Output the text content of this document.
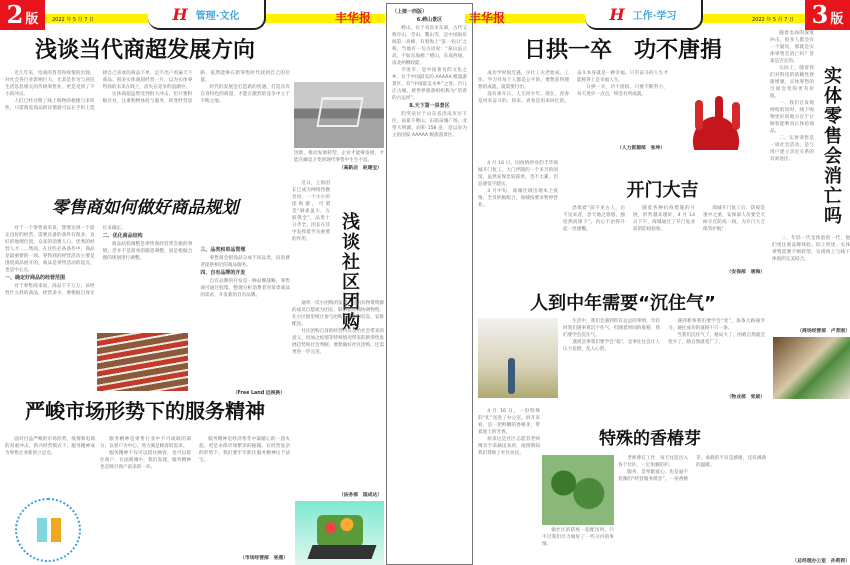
2 版	2022 年 5 月 7 日	H 管理·文化	丰华报	丰华报	H 工作·学习	2022 年 5 月 7 日 3 版
浅谈当代商超发展方向

近几年来，电商的普及和疫情的出现，对社会各行业影响巨大，尤其是作为与居民生活息息相关的传统零售业，更是受到了不小的冲击。

人们已经习惯了线上购物的便捷与多样性，只需阅览商品的详情就可以在手机上选择自己喜欢的商品下单，足不出户看遍天下商品。很多实体商超经营一片，以为实体零售商的未来在线上，消失在竞争的浪潮中。

实体商超虽然受到很大冲击，但只要积极应对，注重购物体验与服务，转变经营思路，依然能够在新零售时代找到自己的位置。

时代的发展会打造新的机遇，打造具有自身特色的商超，才能在激烈的竞争中立于不败之地。

创新，推动发展转型，企业才能够发展，才能在瞬息万变的现代零售中生生不息。
（高新店　赵建宝）
零售商如何做好商品规划

对于一个零售商来说，想要达到一个稳定良好的经营，需要具备的条件有很多，良好的地理位置、众多的消费人口、优秀的经营人才……然而，在这些必备条件中，商品是最重要的一项。零售商的经营活动主要是围绕商品展开的，商品是零售活动的起点，也是中心点。

一、确定好商品的经营范围

对于零售商来说，商品千千万万，该经营什么样的商品，经营多少，要根据自身定位来确定。

二、优化商品结构

商品结构调整是零售商经营常会做的事情，但并不是简单的随意调整，而是根据合理的规划进行调整。

三、品类和单品管理

零售商会把商品分成不同品类，向消费者提供相近的商品服务。

四、自有品牌的开发

自有品牌的开发是一种品牌战略，零售商可通过收集、整理分析消费者对某类商品的需求，开发新的自有品牌。

（Free Land 远视换）

近日，上海团长已成为网络热搜名词，一个小小的团购群，可谓是“麻雀虽小，五脏俱全”，品类十分齐全。团长在其中发挥着至关重要的作用。	浅谈社区团购

通常一次小团购的发起，是由有物资资源的成员自愿或为团长，联系供应商协调物资，在小区群里统计参与团购的人数和信息，安排配送。

社区团购自身的经营特点及给社会带来的意义，再加之疫情等特殊情况带来的新零售发展趋势和社会判断，要想做好社区团购，还需更进一步完善。

（法务部　国成达）
严峻市场形势下的服务精神

面对目益严峻的市场形势，疫情和电商的双重冲击，新兴经营模式下，服务精神成为零售企业新的立足点。

服务精神是零售行业中不可或缺的部分，以客户为中心，努力满足顾客的需求。

服务精神不仅可以留住顾客，也可以留住商户，在固商城中，我们发现，服务精神也是吸引商户前来的一环。

服务精神是经济寒冬中最暖心的一团火焰，更是永保市场繁荣的秘籍。在经营复杂的形势下，我们要牢牢抓住服务精神这个法宝。

（市场经营部　张燕）
（上接一西版）
6.崂山景区

崂山，位于青岛市东部，古代又称牢山、劳山、鳌山等，是中国海岸线第一高峰，有着海上“第一名山”之称。当地有一句古语说：“泰山虽云高，不如东海崂。”崂山，东高西缓，南北两侧较陡。

平度市，是中国著名的文化之乡。位于中国最美的 AAAAA 级旅游景区，有“中国最美水乡”之誉。台儿庄古城，被世界旅游组织称为“活着的古运河”。

8.天下第一泉景区

趵突泉位于山东省济南市历下区，南靠千佛山，东临泉城广场，北望大明湖，面积 158 亩，是以泉为主的国家 AAAAA 级旅游景区。

日拱一卒　功不唐捐

成功学时间光遇，少壮工夫老始成。工作、学习对每个人都是公平的，要想获得理想的成就，就需要付出。

没有索开日，人无再少年。现在，青春是用来奋斗的；将来，青春是用来回忆的。奋斗本身就是一种幸福。只有奋斗的人生才能称得上是幸福人生。

日拱一卒，功不唐捐。只要不断努力，每天进步一点点，终会有所成就。

（人力资源部　张坤）

随着电商的深度冲击，很多人都会有一个疑问，那就是实体零售会消亡吗？答案是否定的。

实际上，随着我们对科技的依赖性逐渐增强，实体零售的空间会变得更有价值。

一、我们在发现网购的同时，线下购物更好的地方在于让顾客能够真正体验商品。

二、实体零售是一项社会活动，是与用户建立亲近关系的有效途径。	实体零售会消亡吗

三、年轻一代是体验的一代，他们更注重品牌体验。综上所述，实体零售需要不断转型，实现线上与线下体验的完美结合。

（商场经营部　卢育刚）

4 月 16 日，因疫情停业的丰华商城开门复工。大门伴随的一个多月的闭馆，虽然安保比较孤单，也不太累，但总感觉不踏实。

3 月中旬，商城区域出现本土疫情，全员积极配合，商城按要求暂停营业。

开门大吉

恐惧着“前不见古人，后不见来者，念天地之悠悠，独怆然而涕下”。内心不由得升起一丝感慨。

随着各种抗疫措施的开展，形势越来越好，4 月 14 日下午，商城通过了开门复业前的防疫验收。

商城开门复工后，防疫是重中之重，安保部人员要全天候守在防疫一线，为开门大吉保驾护航！

（安保部　唐海）
人到中年需要“沉住气”

生活中，我们会遇到所有总总的事情，年轻时我们遇事难沉不住气，但随着时间的推移，我们要学会沉住气。

遇到急事我们要学会“稳”，急事往往会让人压力倍增，乱人心智。

遇到难事我们要学会“变”，条条大路通罗马，通往成功的道路不只一条。

当我们沉住气了，格局大了，困难自然就会变少了，路自然就宽广了。

（物业部　张斌）
特殊的香椿芽

4 月 16 日，一份特殊的“礼”送进了办公室。拆开来看，是一把鲜嫩的香椿芽，带着泥土的芳香。

原来这是社区志愿者老师傅亲手采摘送来的，疫情期间我们帮助了社区居民。

做社区的防疫一起配送时，只不过我们尽力做好了一些分内的事情。

老师傅在工作，每天往返出入各个社区，一定加强防护。

服务，是奉献爱心，也是毫不犹豫的“经营服务理念”。一份香椿芽，承载的不仅是感谢，还有满满的温暖。

（总经理办公室　孙莉莉）
